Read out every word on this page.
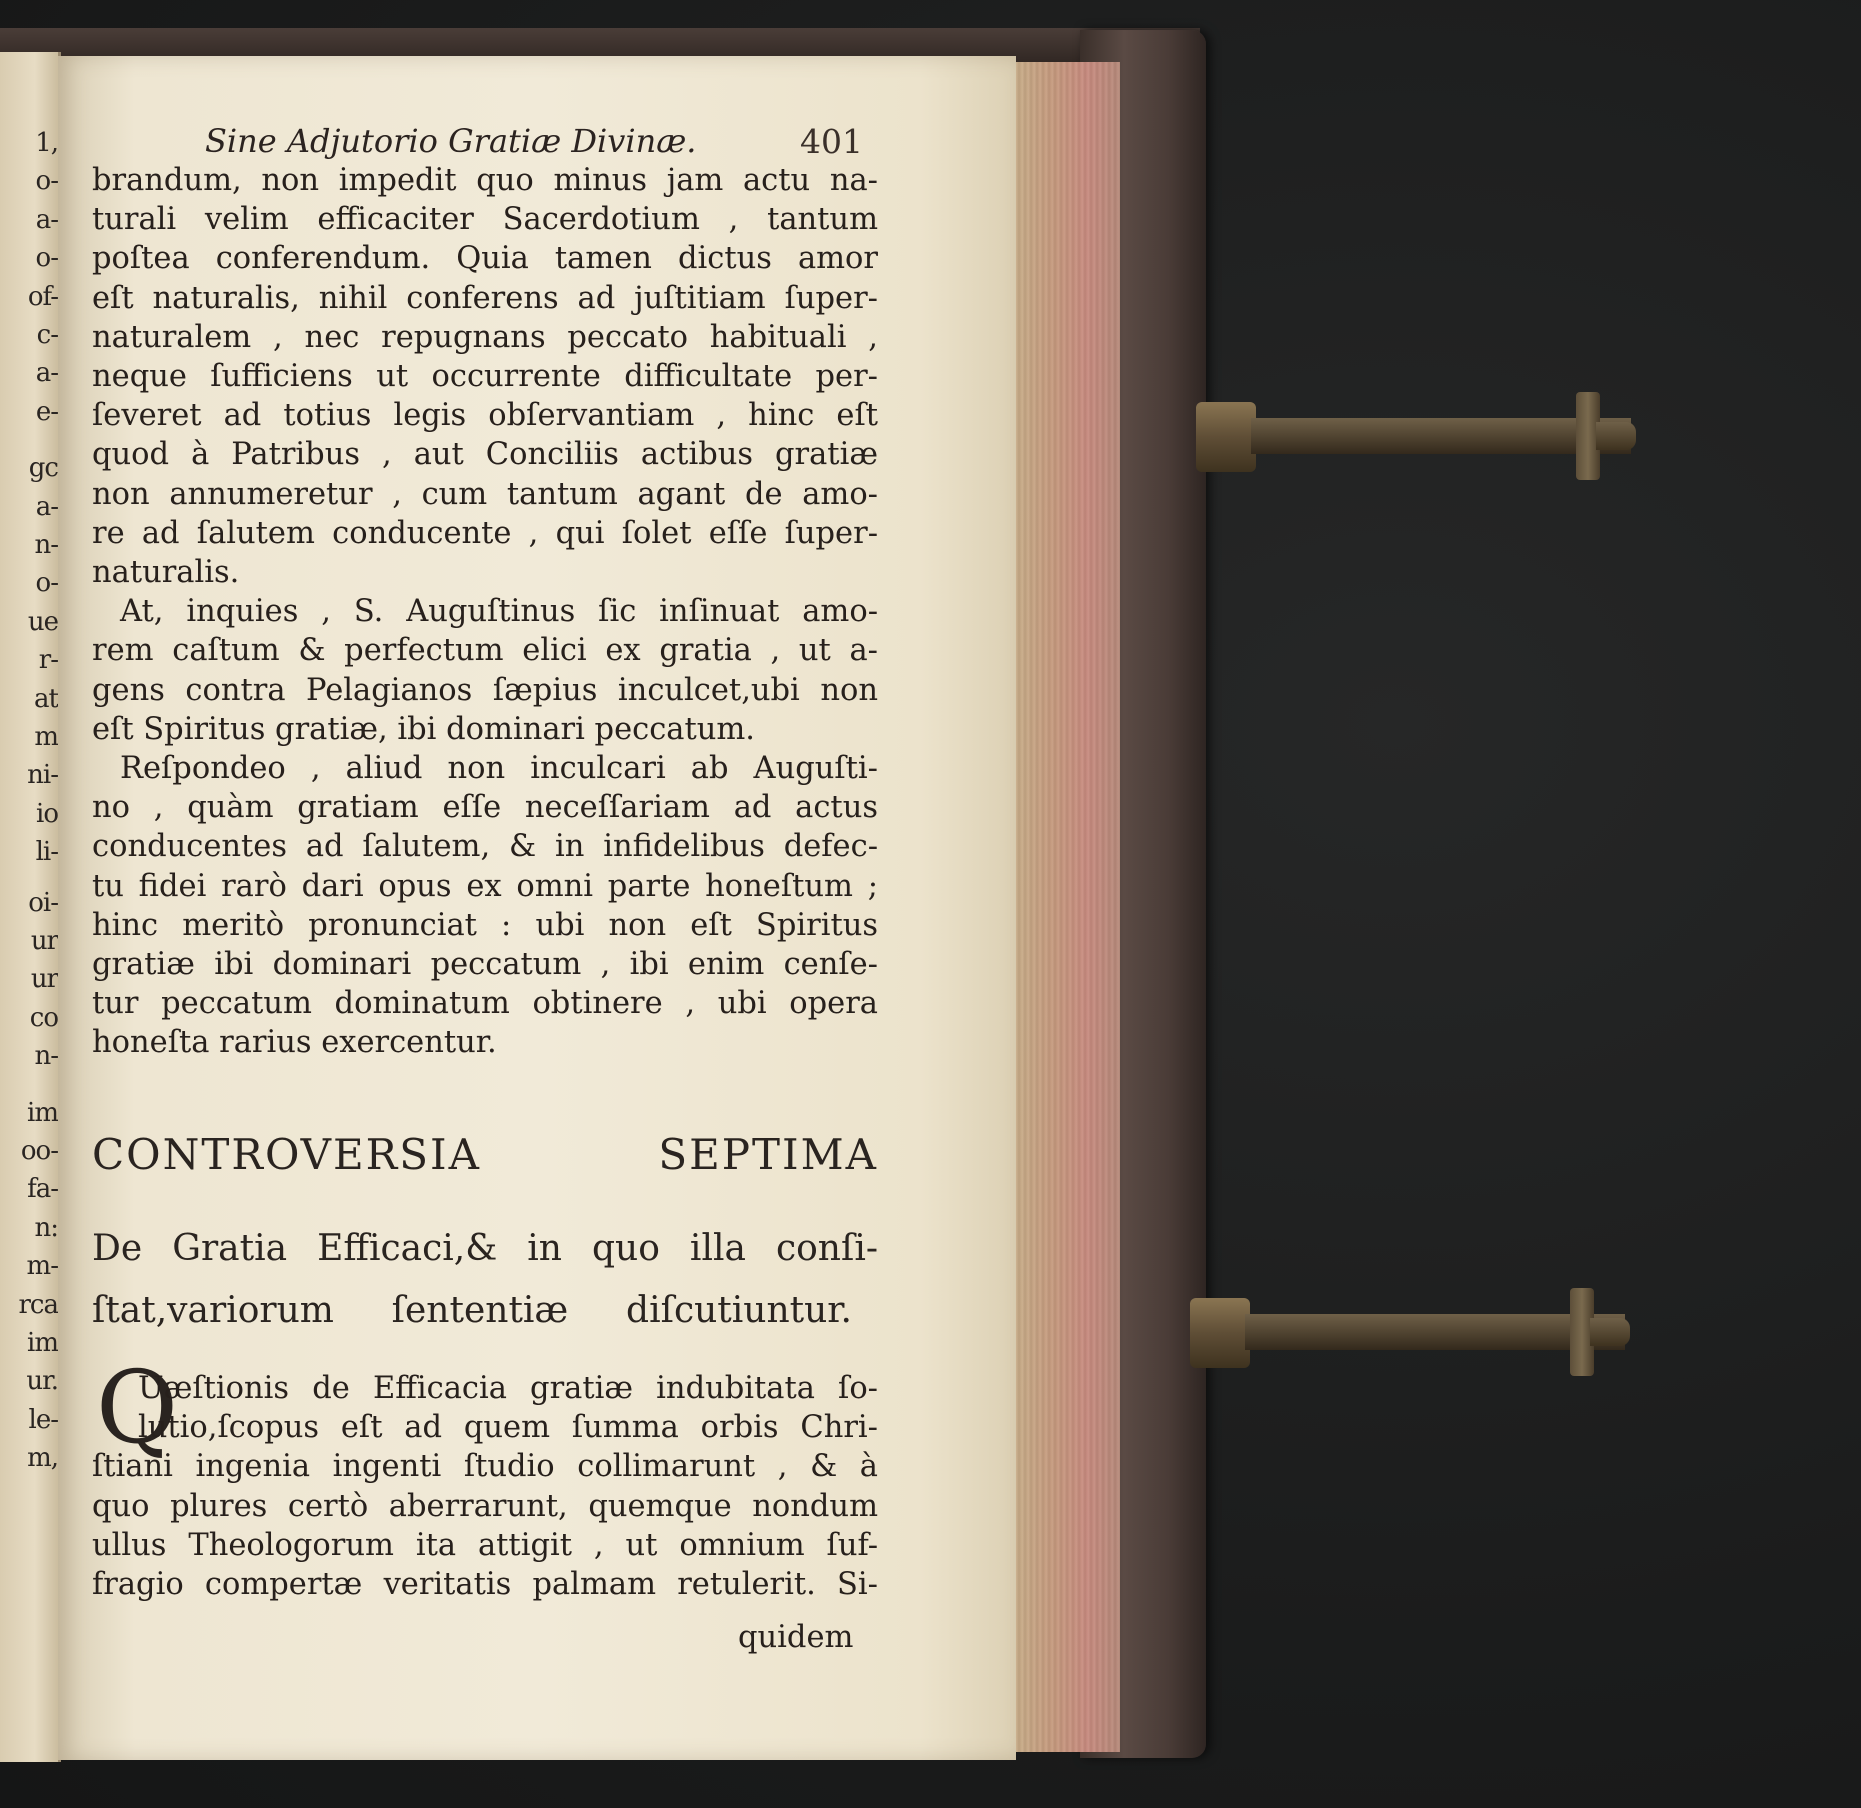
1,
o-
a-
o-
of-
c-
a-
e-
gc
a-
n-
o-
ue
r-
at
m
ni-
io
li-
oi-
ur
ur
co
n-
im
oo-
fa-
n:
m-
rca
im
ur.
le-
m,
Sine Adjutorio Gratiæ Divinæ.	401
brandum, non impedit quo minus jam actu na-
turali velim efficaciter Sacerdotium , tantum
poſtea conferendum. Quia tamen dictus amor
eſt naturalis, nihil conferens ad juſtitiam ſuper-
naturalem , nec repugnans peccato habituali ,
neque ſufficiens ut occurrente difficultate per-
ſeveret ad totius legis obſervantiam , hinc eſt
quod à Patribus , aut Conciliis actibus gratiæ
non annumeretur , cum tantum agant de amo-
re ad ſalutem conducente , qui ſolet eſſe ſuper-
naturalis.
At, inquies , S. Auguſtinus ſic inſinuat amo-
rem caſtum & perfectum elici ex gratia , ut a-
gens contra Pelagianos ſæpius inculcet,ubi non
eſt Spiritus gratiæ, ibi dominari peccatum.
Reſpondeo , aliud non inculcari ab Auguſti-
no , quàm gratiam eſſe neceſſariam ad actus
conducentes ad ſalutem, & in infidelibus defec-
tu fidei rarò dari opus ex omni parte honeſtum ;
hinc meritò pronunciat : ubi non eſt Spiritus
gratiæ ibi dominari peccatum , ibi enim cenſe-
tur peccatum dominatum obtinere , ubi opera
honeſta rarius exercentur.
CONTROVERSIA SEPTIMA
De Gratia Efficaci,& in quo illa conſi-
ſtat,variorum ſententiæ diſcutiuntur.
Q
Uæſtionis de Efficacia gratiæ indubitata ſo-
lutio,ſcopus eſt ad quem ſumma orbis Chri-
ſtiani ingenia ingenti ſtudio collimarunt , & à
quo plures certò aberrarunt, quemque nondum
ullus Theologorum ita attigit , ut omnium ſuf-
fragio compertæ veritatis palmam retulerit. Si-
quidem
